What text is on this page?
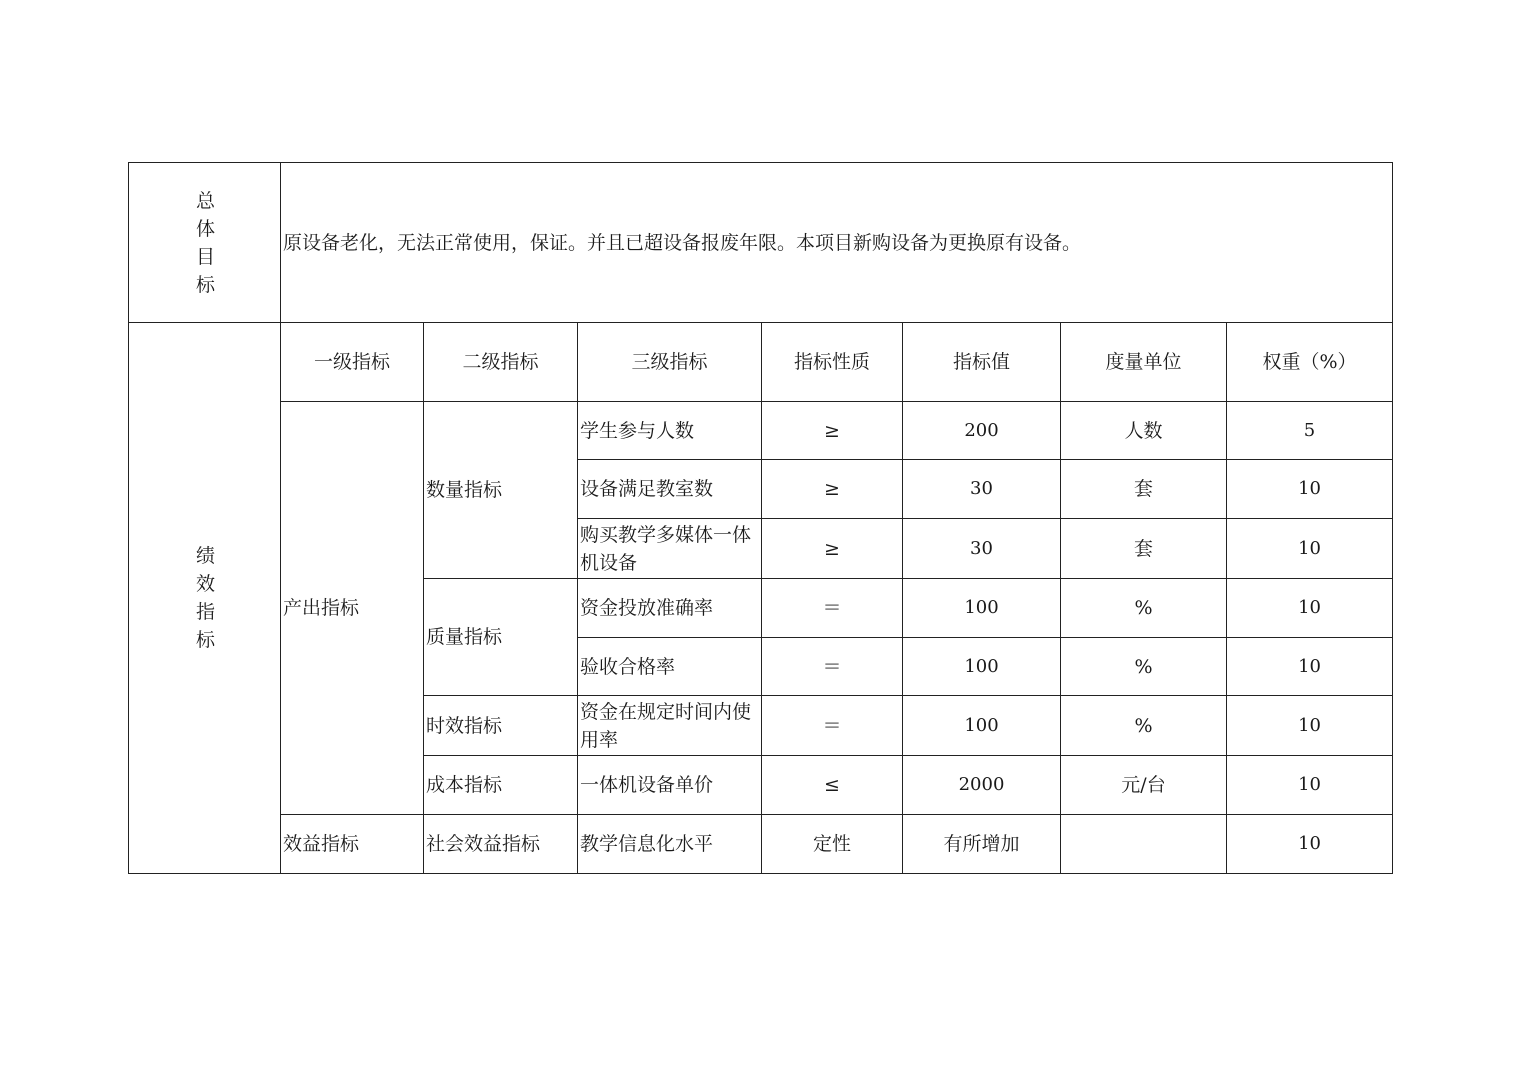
总
体
目
标	原设备老化，无法正常使用，保证。并且已超设备报废年限。本项目新购设备为更换原有设备。						

绩
效
指
标	一级指标	二级指标	三级指标	指标性质	指标值	度量单位	权重（%）
	产出指标	数量指标	学生参与人数	≥	200	人数	5
			设备满足教室数	≥	30	套	10
			购买教学多媒体一体机设备	≥	30	套	10
		质量指标	资金投放准确率	＝	100	%	10
			验收合格率	＝	100	%	10
		时效指标	资金在规定时间内使用率	＝	100	%	10
		成本指标	一体机设备单价	≤	2000	元/台	10
	效益指标	社会效益指标	教学信息化水平	定性	有所增加		10
